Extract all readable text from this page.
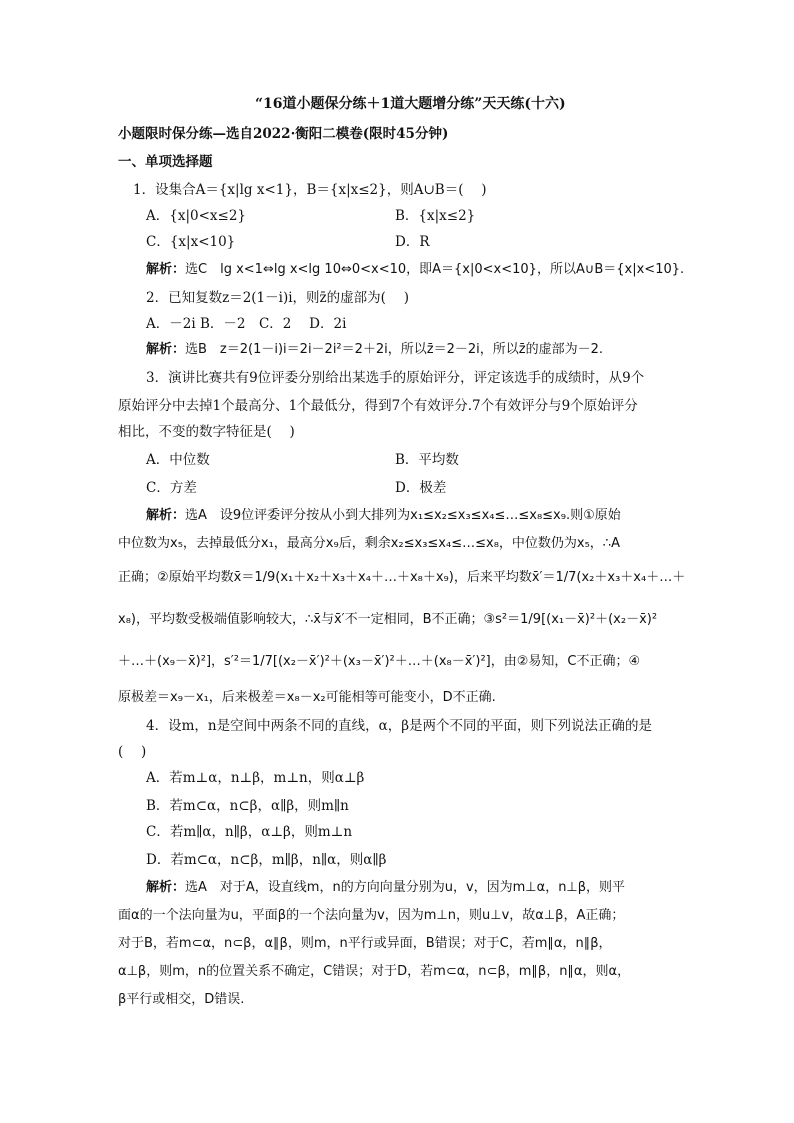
“16道小题保分练＋1道大题增分练”天天练(十六)
小题限时保分练—选自2022·衡阳二模卷(限时45分钟)
一、单项选择题
1．设集合A＝{x|lg x<1}，B＝{x|x≤2}，则A∪B＝(　 )
A．{x|0<x≤2}	B．{x|x≤2}
C．{x|x<10}	D．R
解析：选C　lg x<1⇔lg x<lg 10⇔0<x<10，即A＝{x|0<x<10}，所以A∪B＝{x|x<10}.
2．已知复数z＝2(1－i)i，则z̄的虚部为(　 )
A．－2i B．－2　C．2　 D．2i
解析：选B　z＝2(1－i)i＝2i－2i²＝2＋2i，所以z̄＝2－2i，所以z̄的虚部为－2.
3．演讲比赛共有9位评委分别给出某选手的原始评分，评定该选手的成绩时，从9个
原始评分中去掉1个最高分、1个最低分，得到7个有效评分.7个有效评分与9个原始评分
相比，不变的数字特征是(　 )
A．中位数	B．平均数
C．方差	D．极差
解析：选A　设9位评委评分按从小到大排列为x₁≤x₂≤x₃≤x₄≤…≤x₈≤x₉.则①原始
中位数为x₅，去掉最低分x₁，最高分x₉后，剩余x₂≤x₃≤x₄≤…≤x₈，中位数仍为x₅，∴A
正确；②原始平均数x̄＝1/9(x₁＋x₂＋x₃＋x₄＋…＋x₈＋x₉)，后来平均数x̄′＝1/7(x₂＋x₃＋x₄＋…＋
x₈)，平均数受极端值影响较大，∴x̄与x̄′不一定相同，B不正确；③s²＝1/9[(x₁－x̄)²＋(x₂－x̄)²
＋…＋(x₉－x̄)²]，s′²＝1/7[(x₂－x̄′)²＋(x₃－x̄′)²＋…＋(x₈－x̄′)²]，由②易知，C不正确；④
原极差＝x₉－x₁，后来极差＝x₈－x₂可能相等可能变小，D不正确.
4．设m，n是空间中两条不同的直线，α，β是两个不同的平面，则下列说法正确的是
(　 )
A．若m⊥α，n⊥β，m⊥n，则α⊥β
B．若m⊂α，n⊂β，α∥β，则m∥n
C．若m∥α，n∥β，α⊥β，则m⊥n
D．若m⊂α，n⊂β，m∥β，n∥α，则α∥β
解析：选A　对于A，设直线m，n的方向向量分别为u，v，因为m⊥α，n⊥β，则平
面α的一个法向量为u，平面β的一个法向量为v，因为m⊥n，则u⊥v，故α⊥β，A正确；
对于B，若m⊂α，n⊂β，α∥β，则m，n平行或异面，B错误；对于C，若m∥α，n∥β，
α⊥β，则m，n的位置关系不确定，C错误；对于D，若m⊂α，n⊂β，m∥β，n∥α，则α，
β平行或相交，D错误.
